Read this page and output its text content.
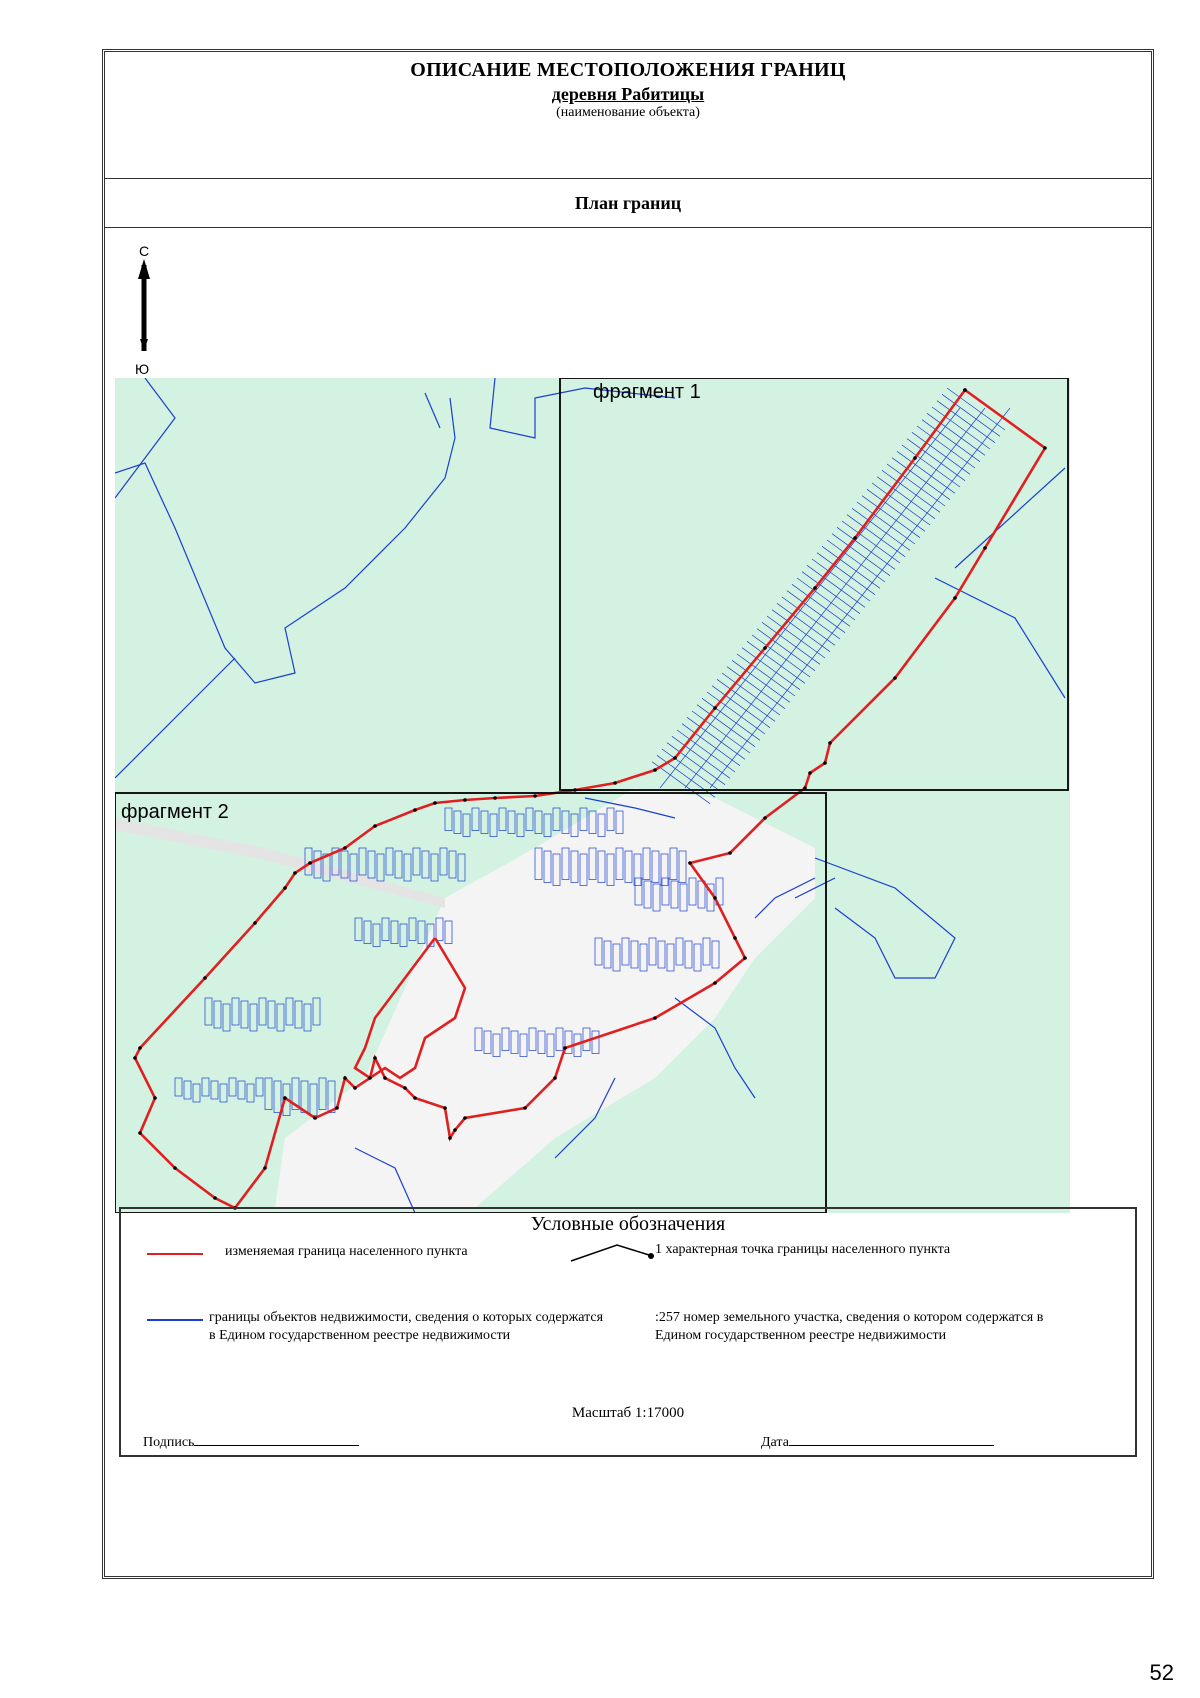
ОПИСАНИЕ МЕСТОПОЛОЖЕНИЯ ГРАНИЦ
деревня Рабитицы
(наименование объекта)
План границ
С
Ю
фрагмент 1
фрагмент 2
Условные обозначения
изменяемая граница населенного пункта	1 характерная точка границы населенного пункта
границы объектов недвижимости, сведения о которых содержатся в Едином государственном реестре недвижимости
:257 номер земельного участка, сведения о котором содержатся в Едином государственном реестре недвижимости
Масштаб 1:17000
Подпись	Дата
52
